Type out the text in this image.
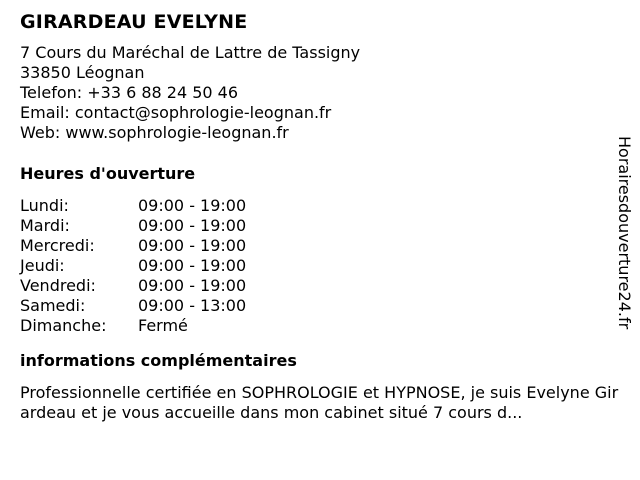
GIRARDEAU EVELYNE
7 Cours du Maréchal de Lattre de Tassigny
33850 Léognan
Telefon: +33 6 88 24 50 46
Email: contact@sophrologie-leognan.fr
Web: www.sophrologie-leognan.fr
Heures d'ouverture
Lundi:	09:00 - 19:00
Mardi:	09:00 - 19:00
Mercredi:	09:00 - 19:00
Jeudi:	09:00 - 19:00
Vendredi:	09:00 - 19:00
Samedi:	09:00 - 13:00
Dimanche:	Fermé
informations complémentaires
Professionnelle certifiée en SOPHROLOGIE et HYPNOSE, je suis Evelyne Girardeau et je vous accueille dans mon cabinet situé 7 cours d...
Horairesdouverture24.fr
